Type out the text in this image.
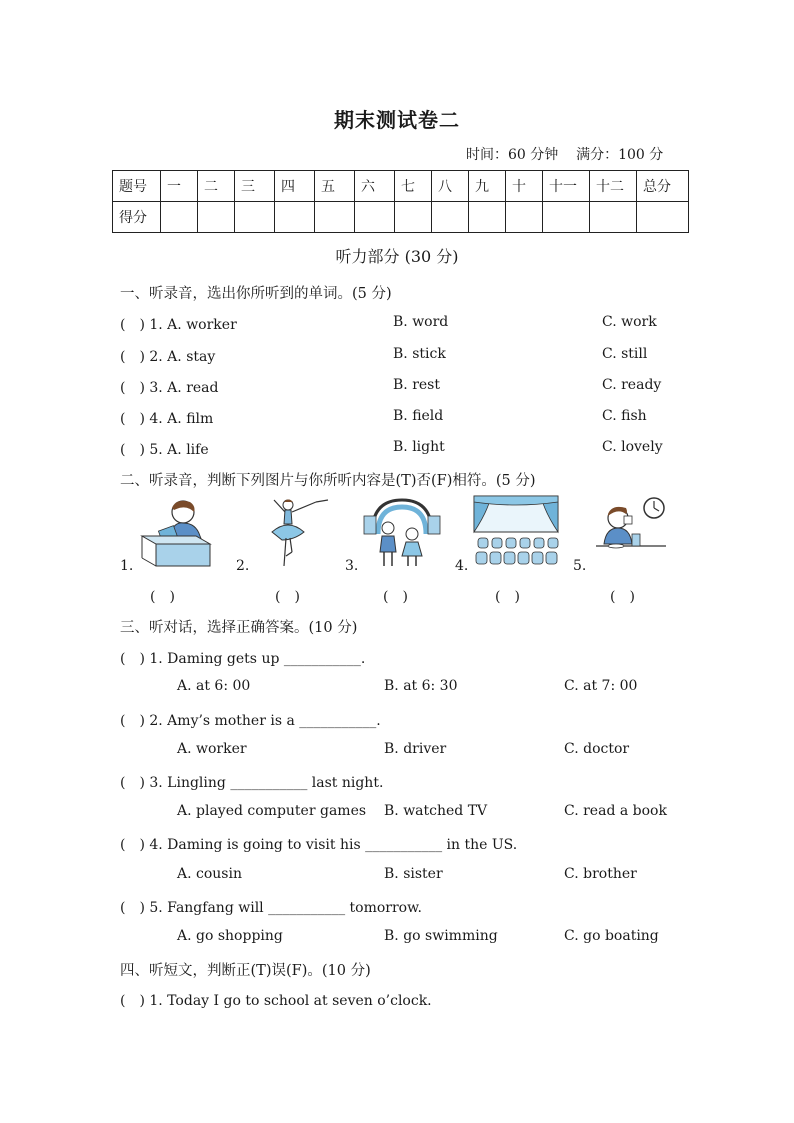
期末测试卷二
时间：60 分钟 满分：100 分
题号	一	二	三	四	五	六	七	八	九	十	十一	十二	总分
得分													
听力部分 (30 分)
一、听录音，选出你所听到的单词。(5 分)
(　) 1. A. worker	B. word	C. work
(　) 2. A. stay	B. stick	C. still
(　) 3. A. read	B. rest	C. ready
(　) 4. A. film	B. field	C. fish
(　) 5. A. life	B. light	C. lovely
二、听录音，判断下列图片与你所听内容是(T)否(F)相符。(5 分)
1.
(　)
2.
(　)
3.
(　)
4.
(　)
5.
(　)
三、听对话，选择正确答案。(10 分)
(　) 1. Daming gets up ___________.
A. at 6: 00	B. at 6: 30	C. at 7: 00
(　) 2. Amy’s mother is a ___________.
A. worker	B. driver	C. doctor
(　) 3. Lingling ___________ last night.
A. played computer games B. watched TV	C. read a book
(　) 4. Daming is going to visit his ___________ in the US.
A. cousin	B. sister	C. brother
(　) 5. Fangfang will ___________ tomorrow.
A. go shopping	B. go swimming	C. go boating
四、听短文，判断正(T)误(F)。(10 分)
(　) 1. Today I go to school at seven o’clock.
